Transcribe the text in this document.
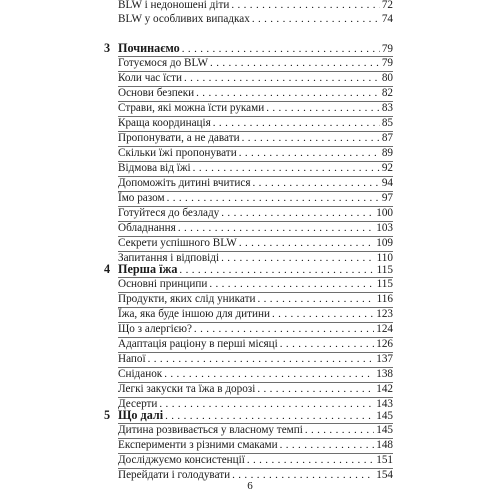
BLW і недоношені діти .....	72
BLW у особливих випадках .....	74
3 Починаємо .....	79
Готуємося до BLW .....	79
Коли час їсти .....	80
Основи безпеки .....	82
Страви, які можна їсти руками .....	83
Краща координація .....	85
Пропонувати, а не давати .....	87
Скільки їжі пропонувати .....	89
Відмова від їжі .....	92
Допоможіть дитині вчитися .....	94
Їмо разом .....	97
Готуйтеся до безладу .....	100
Обладнання .....	103
Секрети успішного BLW .....	109
Запитання і відповіді .....	110
4 Перша їжа .....	115
Основні принципи .....	115
Продукти, яких слід уникати .....	116
Їжа, яка буде іншою для дитини .....	123
Що з алергією? .....	124
Адаптація раціону в перші місяці .....	126
Напої .....	137
Сніданок .....	138
Легкі закуски та їжа в дорозі .....	142
Десерти .....	143
5 Що далі .....	145
Дитина розвивається у власному темпі .....	145
Експерименти з різними смаками .....	148
Досліджуємо консистенції .....	151
Перейдати і голодувати .....	154
6
